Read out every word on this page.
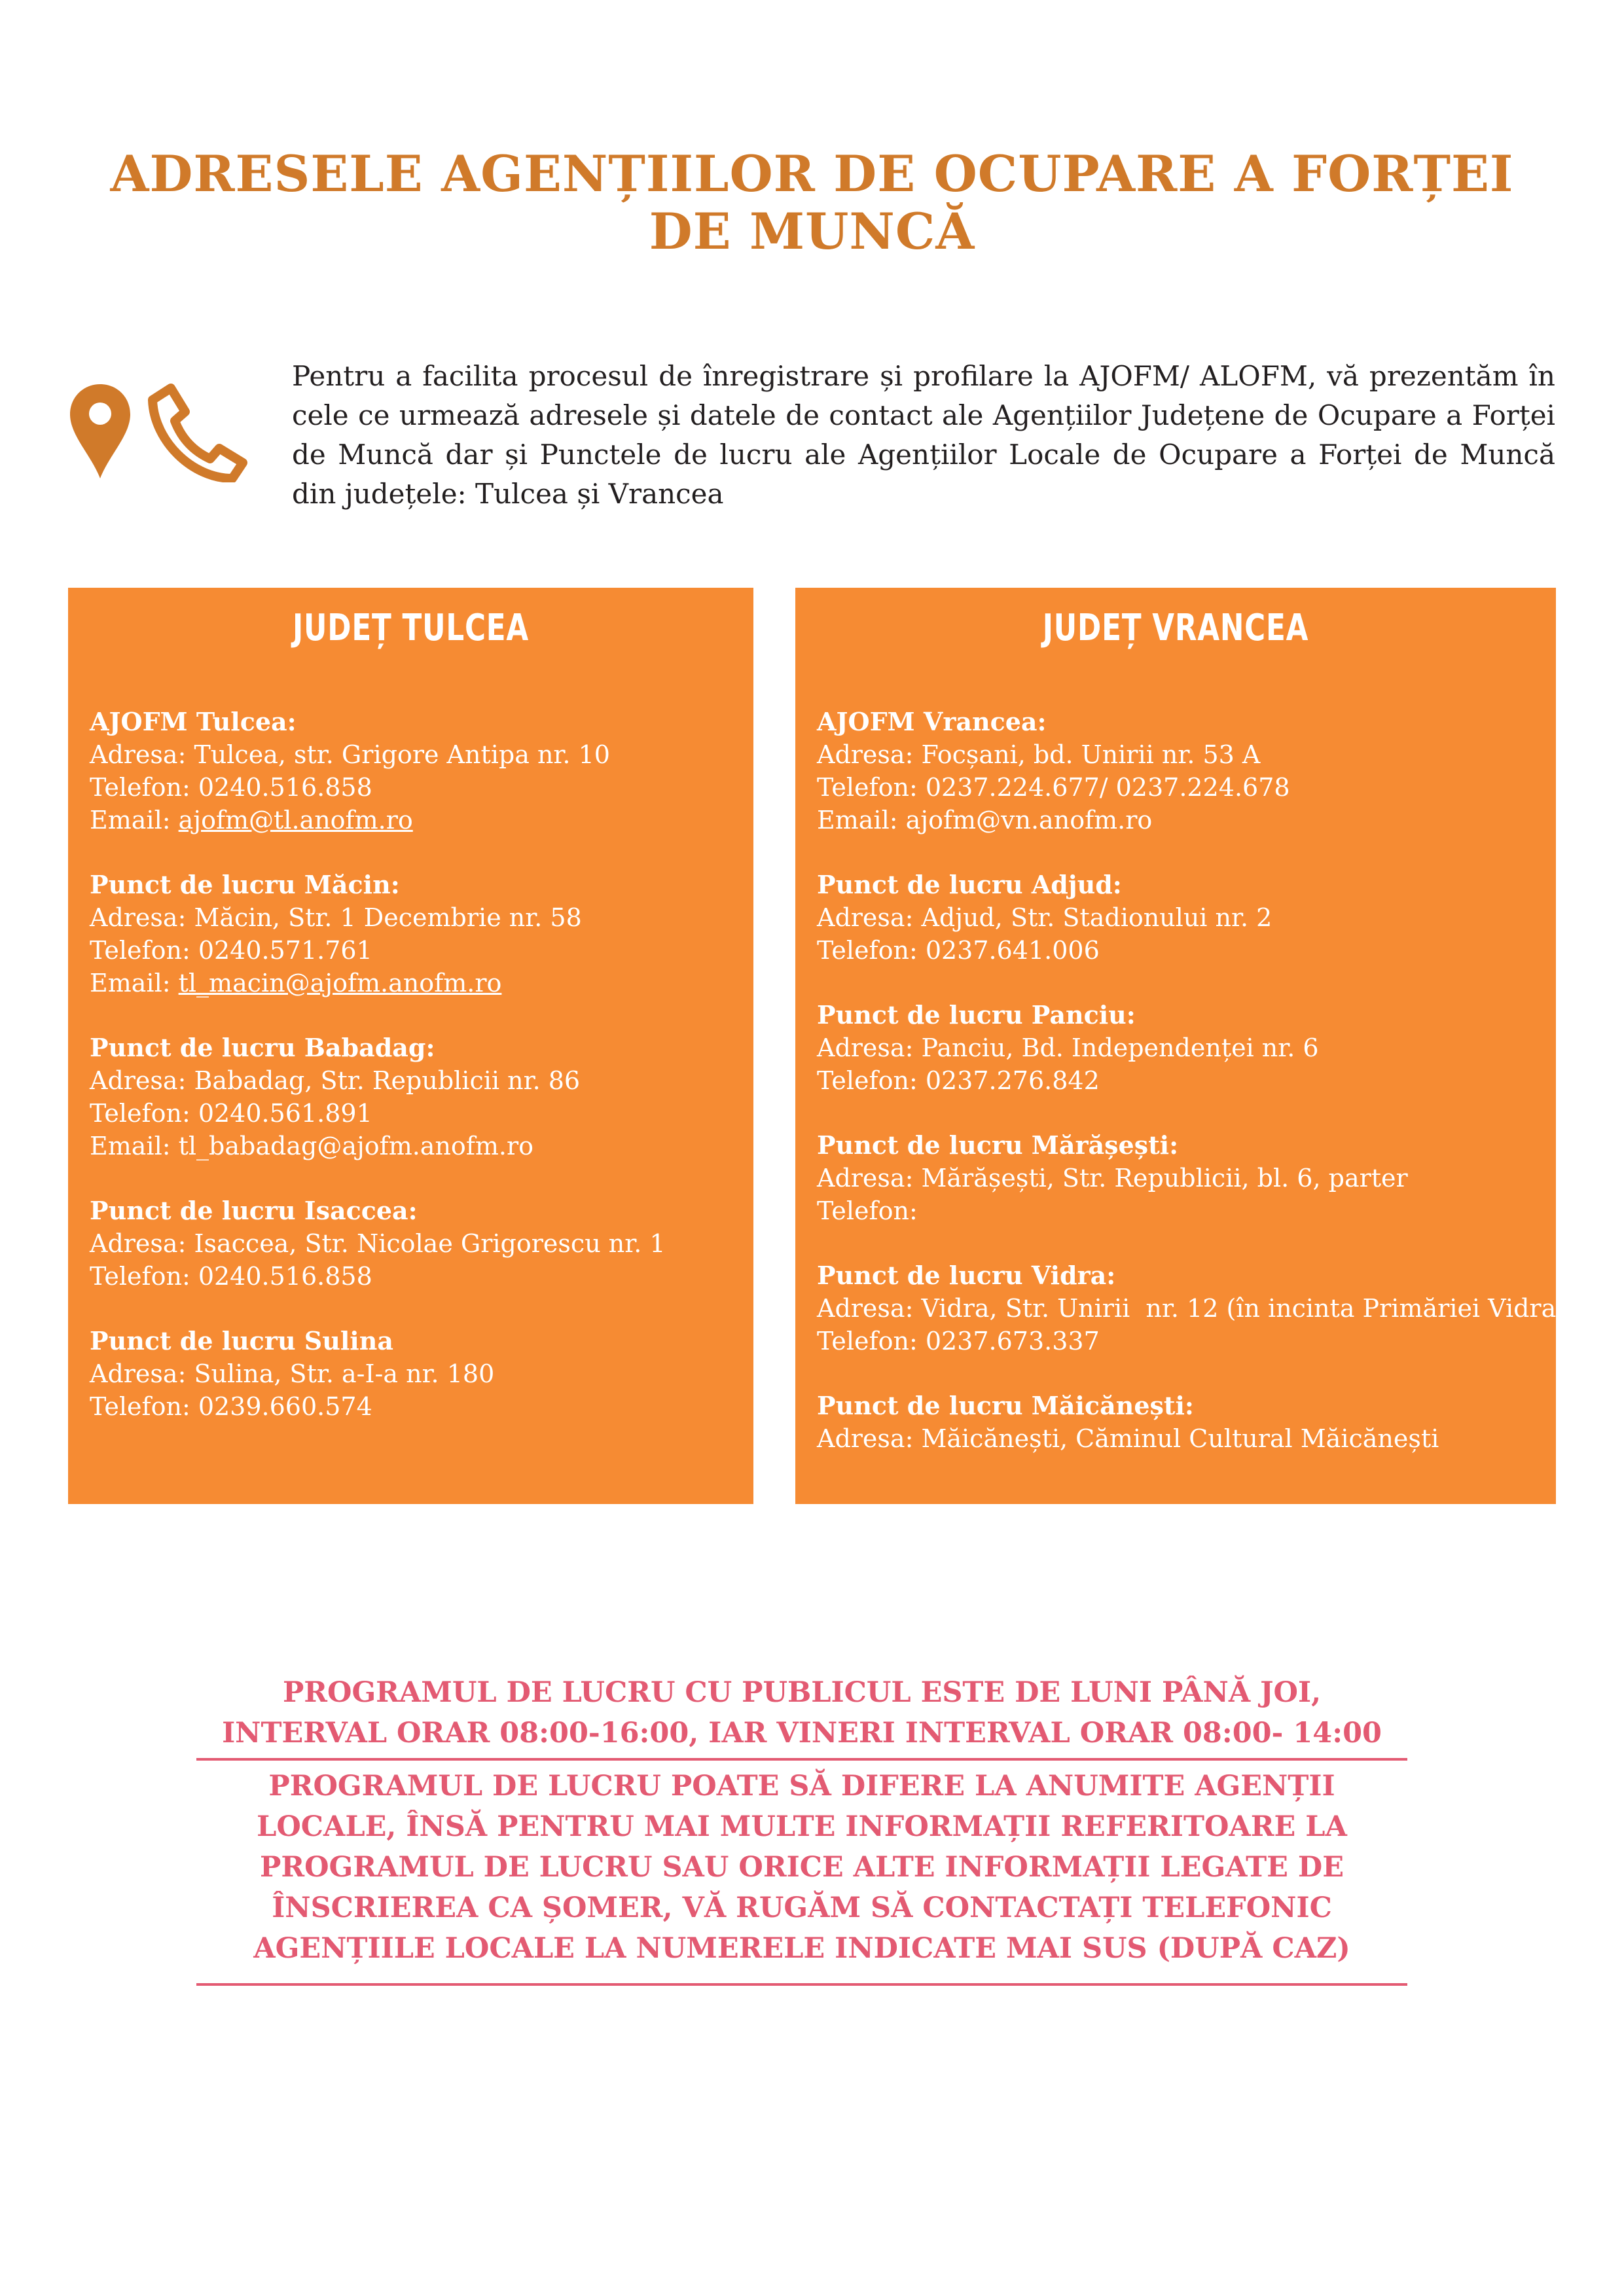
ADRESELE AGENȚIILOR DE OCUPARE A FORȚEI
DE MUNCĂ

Pentru a facilita procesul de înregistrare și profilare la AJOFM/ ALOFM, vă prezentăm în cele ce urmează adresele și datele de contact ale Agențiilor Județene de Ocupare a Forței de Muncă dar și Punctele de lucru ale Agențiilor Locale de Ocupare a Forței de Muncă din județele: Tulcea și Vrancea

JUDEȚ TULCEA
AJOFM Tulcea:
Adresa: Tulcea, str. Grigore Antipa nr. 10
Telefon: 0240.516.858
Email: ajofm@tl.anofm.ro
Punct de lucru Măcin:
Adresa: Măcin, Str. 1 Decembrie nr. 58
Telefon: 0240.571.761
Email: tl_macin@ajofm.anofm.ro
Punct de lucru Babadag:
Adresa: Babadag, Str. Republicii nr. 86
Telefon: 0240.561.891
Email: tl_babadag@ajofm.anofm.ro
Punct de lucru Isaccea:
Adresa: Isaccea, Str. Nicolae Grigorescu nr. 1
Telefon: 0240.516.858
Punct de lucru Sulina
Adresa: Sulina, Str. a-I-a nr. 180
Telefon: 0239.660.574
JUDEȚ VRANCEA
AJOFM Vrancea:
Adresa: Focșani, bd. Unirii nr. 53 A
Telefon: 0237.224.677/ 0237.224.678
Email: ajofm@vn.anofm.ro
Punct de lucru Adjud:
Adresa: Adjud, Str. Stadionului nr. 2
Telefon: 0237.641.006
Punct de lucru Panciu:
Adresa: Panciu, Bd. Independenței nr. 6
Telefon: 0237.276.842
Punct de lucru Mărășești:
Adresa: Mărășești, Str. Republicii, bl. 6, parter
Telefon:
Punct de lucru Vidra:
Adresa: Vidra, Str. Unirii  nr. 12 (în incinta Primăriei Vidra)
Telefon: 0237.673.337
Punct de lucru Măicănești:
Adresa: Măicănești, Căminul Cultural Măicănești

PROGRAMUL DE LUCRU CU PUBLICUL ESTE DE LUNI PÂNĂ JOI, INTERVAL ORAR 08:00-16:00, IAR VINERI INTERVAL ORAR 08:00- 14:00

PROGRAMUL DE LUCRU POATE SĂ DIFERE LA ANUMITE AGENȚII LOCALE, ÎNSĂ PENTRU MAI MULTE INFORMAȚII REFERITOARE LA PROGRAMUL DE LUCRU SAU ORICE ALTE INFORMAȚII LEGATE DE ÎNSCRIEREA CA ȘOMER, VĂ RUGĂM SĂ CONTACTAȚI TELEFONIC AGENȚIILE LOCALE LA NUMERELE INDICATE MAI SUS (DUPĂ CAZ)
